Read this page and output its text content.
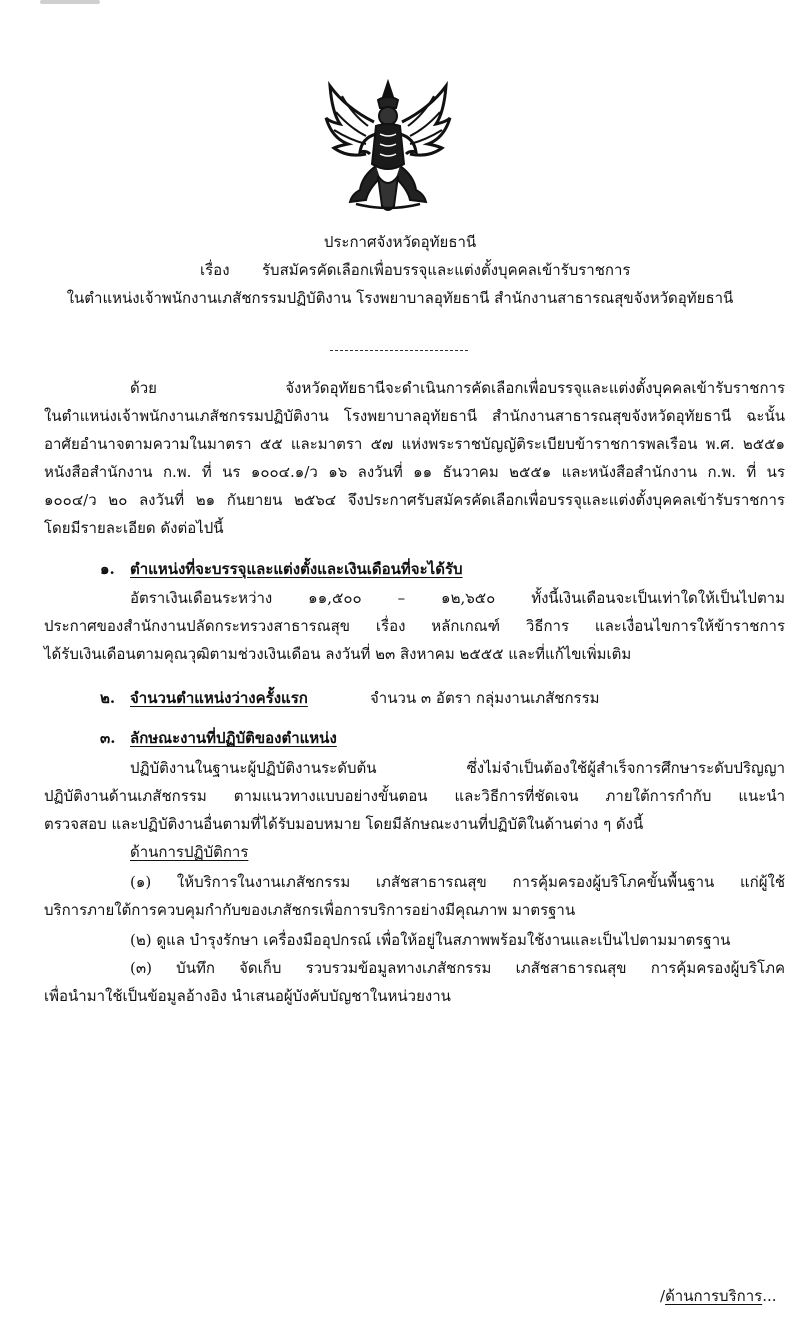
ประกาศจังหวัดอุทัยธานี
เรื่อง รับสมัครคัดเลือกเพื่อบรรจุและแต่งตั้งบุคคลเข้ารับราชการ
ในตำแหน่งเจ้าพนักงานเภสัชกรรมปฏิบัติงาน โรงพยาบาลอุทัยธานี สำนักงานสาธารณสุขจังหวัดอุทัยธานี
ด้วย จังหวัดอุทัยธานีจะดำเนินการคัดเลือกเพื่อบรรจุและแต่งตั้งบุคคลเข้ารับราชการ
ในตำแหน่งเจ้าพนักงานเภสัชกรรมปฏิบัติงาน โรงพยาบาลอุทัยธานี สำนักงานสาธารณสุขจังหวัดอุทัยธานี ฉะนั้น
อาศัยอำนาจตามความในมาตรา ๕๕ และมาตรา ๕๗ แห่งพระราชบัญญัติระเบียบข้าราชการพลเรือน พ.ศ. ๒๕๕๑
หนังสือสำนักงาน ก.พ. ที่ นร ๑๐๐๔.๑/ว ๑๖ ลงวันที่ ๑๑ ธันวาคม ๒๕๕๑ และหนังสือสำนักงาน ก.พ. ที่ นร
๑๐๐๔/ว ๒๐ ลงวันที่ ๒๑ กันยายน ๒๕๖๔ จึงประกาศรับสมัครคัดเลือกเพื่อบรรจุและแต่งตั้งบุคคลเข้ารับราชการ
โดยมีรายละเอียด ดังต่อไปนี้
๑. ตำแหน่งที่จะบรรจุและแต่งตั้งและเงินเดือนที่จะได้รับ
อัตราเงินเดือนระหว่าง ๑๑,๕๐๐ – ๑๒,๖๕๐ ทั้งนี้เงินเดือนจะเป็นเท่าใดให้เป็นไปตาม
ประกาศของสำนักงานปลัดกระทรวงสาธารณสุข เรื่อง หลักเกณฑ์ วิธีการ และเงื่อนไขการให้ข้าราชการ
ได้รับเงินเดือนตามคุณวุฒิตามช่วงเงินเดือน ลงวันที่ ๒๓ สิงหาคม ๒๕๕๕ และที่แก้ไขเพิ่มเติม
๒. จำนวนตำแหน่งว่างครั้งแรก	จำนวน ๓ อัตรา กลุ่มงานเภสัชกรรม
๓. ลักษณะงานที่ปฏิบัติของตำแหน่ง
ปฏิบัติงานในฐานะผู้ปฏิบัติงานระดับต้น ซึ่งไม่จำเป็นต้องใช้ผู้สำเร็จการศึกษาระดับปริญญา
ปฏิบัติงานด้านเภสัชกรรม ตามแนวทางแบบอย่างขั้นตอน และวิธีการที่ชัดเจน ภายใต้การกำกับ แนะนำ
ตรวจสอบ และปฏิบัติงานอื่นตามที่ได้รับมอบหมาย โดยมีลักษณะงานที่ปฏิบัติในด้านต่าง ๆ ดังนี้
ด้านการปฏิบัติการ
(๑) ให้บริการในงานเภสัชกรรม เภสัชสาธารณสุข การคุ้มครองผู้บริโภคขั้นพื้นฐาน แก่ผู้ใช้
บริการภายใต้การควบคุมกำกับของเภสัชกรเพื่อการบริการอย่างมีคุณภาพ มาตรฐาน
(๒) ดูแล บำรุงรักษา เครื่องมืออุปกรณ์ เพื่อให้อยู่ในสภาพพร้อมใช้งานและเป็นไปตามมาตรฐาน
(๓) บันทึก จัดเก็บ รวบรวมข้อมูลทางเภสัชกรรม เภสัชสาธารณสุข การคุ้มครองผู้บริโภค
เพื่อนำมาใช้เป็นข้อมูลอ้างอิง นำเสนอผู้บังคับบัญชาในหน่วยงาน
/ด้านการบริการ...
